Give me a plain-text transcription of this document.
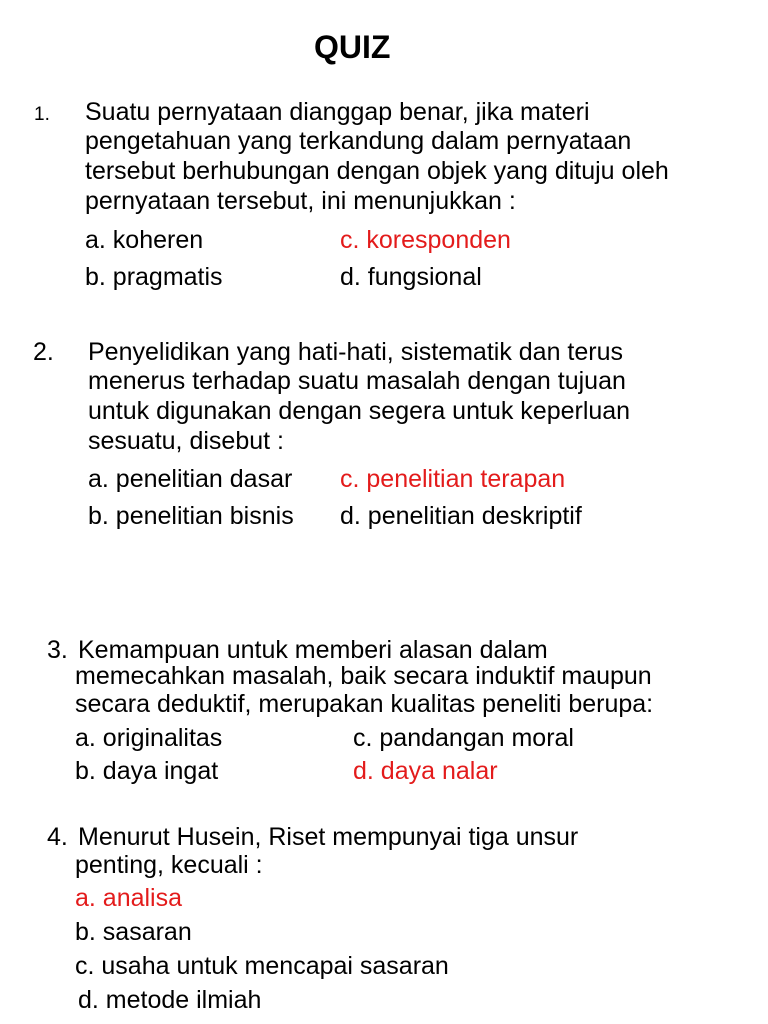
QUIZ
1. Suatu pernyataan dianggap benar, jika materi
pengetahuan yang terkandung dalam pernyataan
tersebut berhubungan dengan objek yang dituju oleh
pernyataan tersebut, ini menunjukkan :
a. koheren	c. koresponden
b. pragmatis	d. fungsional
2. Penyelidikan yang hati-hati, sistematik dan terus
menerus terhadap suatu masalah dengan tujuan
untuk digunakan dengan segera untuk keperluan
sesuatu, disebut :
a. penelitian dasar c. penelitian terapan
b. penelitian bisnis d. penelitian deskriptif
3. Kemampuan untuk memberi alasan dalam
memecahkan masalah, baik secara induktif maupun
secara deduktif, merupakan kualitas peneliti berupa:
a. originalitas	c. pandangan moral
b. daya ingat	d. daya nalar
4. Menurut Husein, Riset mempunyai tiga unsur
penting, kecuali :
a. analisa
b. sasaran
c. usaha untuk mencapai sasaran
d. metode ilmiah
